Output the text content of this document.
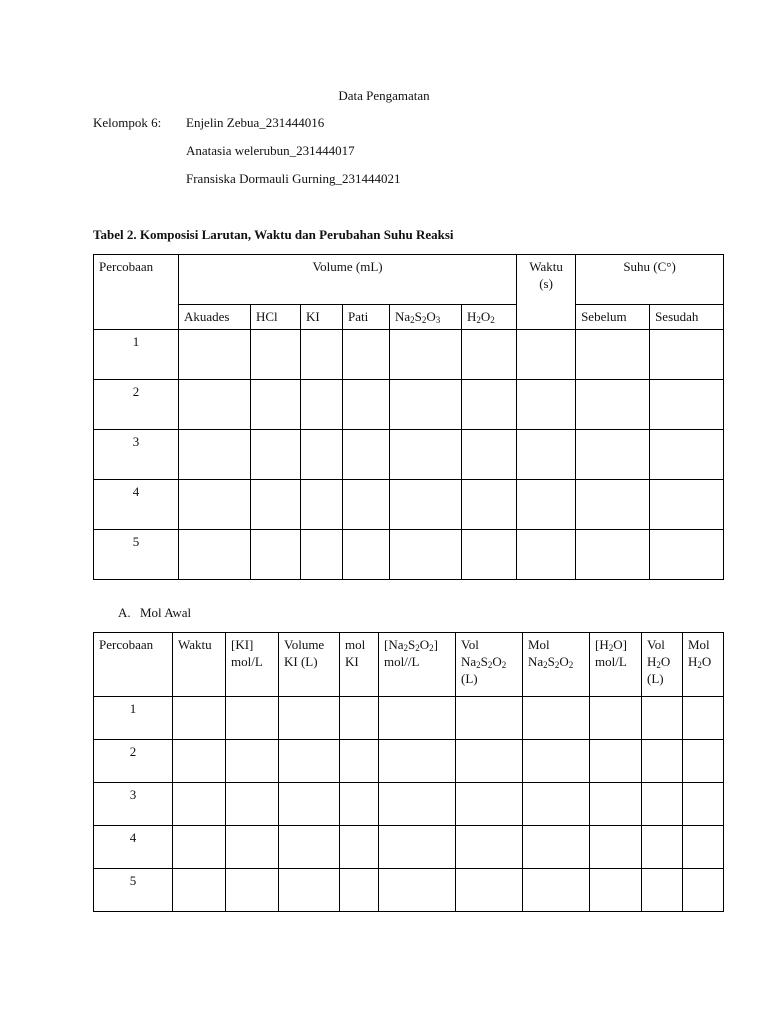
Data Pengamatan
Kelompok 6: Enjelin Zebua_231444016
Anatasia welerubun_231444017
Fransiska Dormauli Gurning_231444021
Tabel 2. Komposisi Larutan, Waktu dan Perubahan Suhu Reaksi
Percobaan	Volume (mL)						Waktu (s)	Suhu (C°)	
	Akuades	HCl	KI	Pati	$Na_2S_2O_3$	$H_2O_2$		Sebelum	Sesudah
1									
2									
3									
4									
5									
A. Mol Awal
Percobaan	Waktu	[KI] mol/L	Volume KI (L)	mol KI	$[Na_2S_2O_2]$ mol//L	Vol $Na_2S_2O_2$ (L)	Mol $Na_2S_2O_2$	$[H_2O]$ mol/L	Vol $H_2O$ (L)	Mol $H_2O$
1										
2										
3										
4										
5										
